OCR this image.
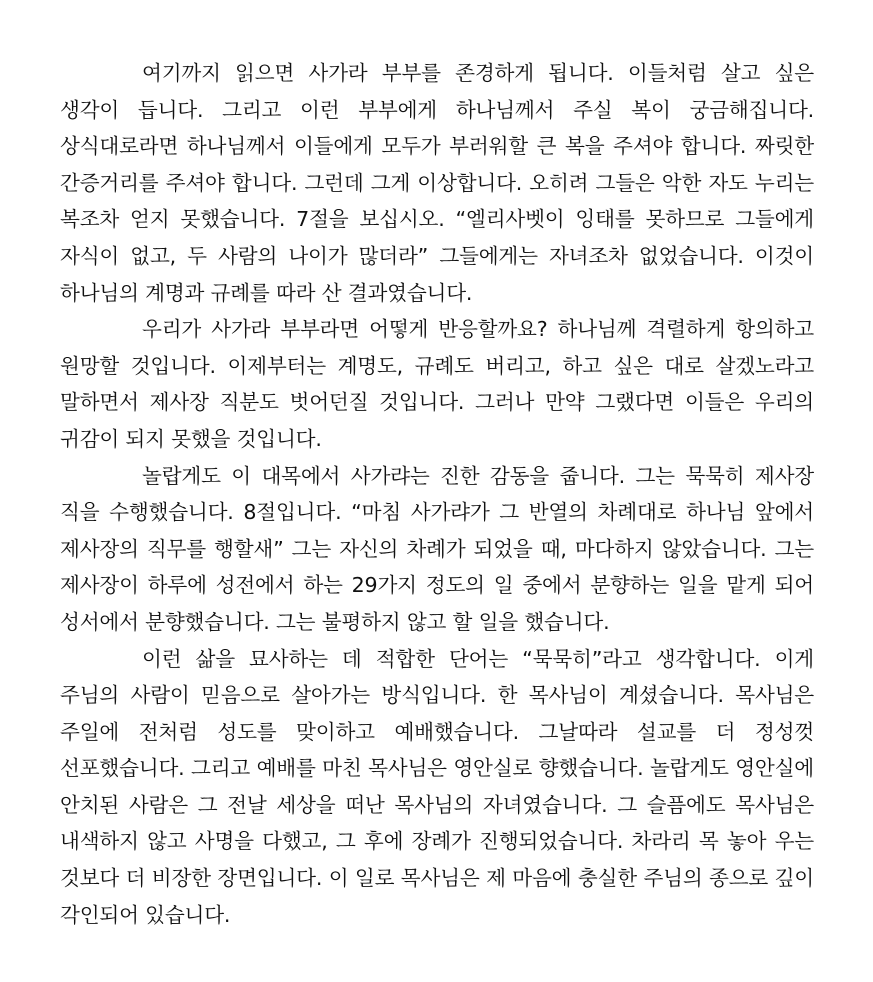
여기까지 읽으면 사가라 부부를 존경하게 됩니다. 이들처럼 살고 싶은 생각이 듭니다. 그리고 이런 부부에게 하나님께서 주실 복이 궁금해집니다. 상식대로라면 하나님께서 이들에게 모두가 부러워할 큰 복을 주셔야 합니다. 짜릿한 간증거리를 주셔야 합니다. 그런데 그게 이상합니다. 오히려 그들은 악한 자도 누리는 복조차 얻지 못했습니다. 7절을 보십시오. “엘리사벳이 잉태를 못하므로 그들에게 자식이 없고, 두 사람의 나이가 많더라” 그들에게는 자녀조차 없었습니다. 이것이 하나님의 계명과 규례를 따라 산 결과였습니다.

우리가 사가라 부부라면 어떻게 반응할까요? 하나님께 격렬하게 항의하고 원망할 것입니다. 이제부터는 계명도, 규례도 버리고, 하고 싶은 대로 살겠노라고 말하면서 제사장 직분도 벗어던질 것입니다. 그러나 만약 그랬다면 이들은 우리의 귀감이 되지 못했을 것입니다.

놀랍게도 이 대목에서 사가랴는 진한 감동을 줍니다. 그는 묵묵히 제사장 직을 수행했습니다. 8절입니다. “마침 사가랴가 그 반열의 차례대로 하나님 앞에서 제사장의 직무를 행할새” 그는 자신의 차례가 되었을 때, 마다하지 않았습니다. 그는 제사장이 하루에 성전에서 하는 29가지 정도의 일 중에서 분향하는 일을 맡게 되어 성서에서 분향했습니다. 그는 불평하지 않고 할 일을 했습니다.

이런 삶을 묘사하는 데 적합한 단어는 “묵묵히”라고 생각합니다. 이게 주님의 사람이 믿음으로 살아가는 방식입니다. 한 목사님이 계셨습니다. 목사님은 주일에 전처럼 성도를 맞이하고 예배했습니다. 그날따라 설교를 더 정성껏 선포했습니다. 그리고 예배를 마친 목사님은 영안실로 향했습니다. 놀랍게도 영안실에 안치된 사람은 그 전날 세상을 떠난 목사님의 자녀였습니다. 그 슬픔에도 목사님은 내색하지 않고 사명을 다했고, 그 후에 장례가 진행되었습니다. 차라리 목 놓아 우는 것보다 더 비장한 장면입니다. 이 일로 목사님은 제 마음에 충실한 주님의 종으로 깊이 각인되어 있습니다.
